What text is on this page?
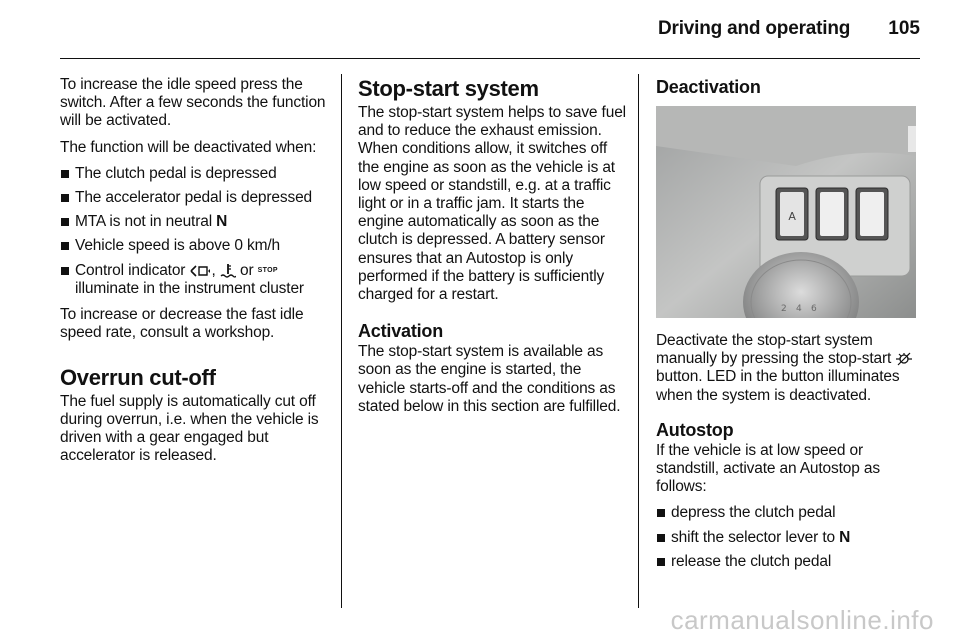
Driving and operating 105

To increase the idle speed press the switch. After a few seconds the function will be activated.

The function will be deactivated when:

The clutch pedal is depressed
The accelerator pedal is depressed
MTA is not in neutral N
Vehicle speed is above 0 km/h
Control indicator , or STOP
illuminate in the instrument cluster

To increase or decrease the fast idle speed rate, consult a workshop.

Overrun cut-off

The fuel supply is automatically cut off during overrun, i.e. when the vehicle is driven with a gear engaged but accelerator is released.

Stop-start system

The stop-start system helps to save fuel and to reduce the exhaust emission. When conditions allow, it switches off the engine as soon as the vehicle is at low speed or standstill, e.g. at a traffic light or in a traffic jam. It starts the engine automatically as soon as the clutch is depressed. A battery sensor ensures that an Autostop is only performed if the battery is sufficiently charged for a restart.

Activation

The stop-start system is available as soon as the engine is started, the vehicle starts-off and the conditions as stated below in this section are fulfilled.

Deactivation
A
2 4 6

Deactivate the stop-start system manually by pressing the stop-start  button. LED in the button illuminates when the system is deactivated.

Autostop

If the vehicle is at low speed or standstill, activate an Autostop as follows:

depress the clutch pedal
shift the selector lever to N
release the clutch pedal
carmanualsonline.info
